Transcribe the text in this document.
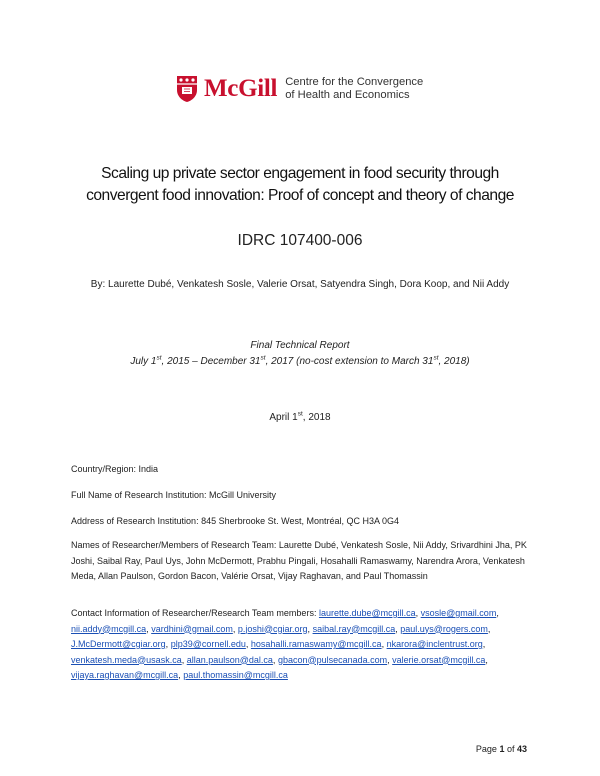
McGill Centre for the Convergence
of Health and Economics
Scaling up private sector engagement in food security through
convergent food innovation: Proof of concept and theory of change
IDRC 107400-006
By: Laurette Dubé, Venkatesh Sosle, Valerie Orsat, Satyendra Singh, Dora Koop, and Nii Addy
Final Technical Report
July 1st, 2015 – December 31st, 2017 (no-cost extension to March 31st, 2018)
April 1st, 2018
Country/Region: India
Full Name of Research Institution: McGill University
Address of Research Institution: 845 Sherbrooke St. West, Montréal, QC H3A 0G4
Names of Researcher/Members of Research Team: Laurette Dubé, Venkatesh Sosle, Nii Addy, Srivardhini Jha, PK Joshi, Saibal Ray, Paul Uys, John McDermott, Prabhu Pingali, Hosahalli Ramaswamy, Narendra Arora, Venkatesh Meda, Allan Paulson, Gordon Bacon, Valérie Orsat, Vijay Raghavan, and Paul Thomassin
Contact Information of Researcher/Research Team members: laurette.dube@mcgill.ca, vsosle@gmail.com, nii.addy@mcgill.ca, vardhini@gmail.com, p.joshi@cgiar.org, saibal.ray@mcgill.ca, paul.uys@rogers.com, J.McDermott@cgiar.org, plp39@cornell.edu, hosahalli.ramaswamy@mcgill.ca, nkarora@inclentrust.org, venkatesh.meda@usask.ca, allan.paulson@dal.ca, gbacon@pulsecanada.com, valerie.orsat@mcgill.ca, vijaya.raghavan@mcgill.ca, paul.thomassin@mcgill.ca
Page 1 of 43
